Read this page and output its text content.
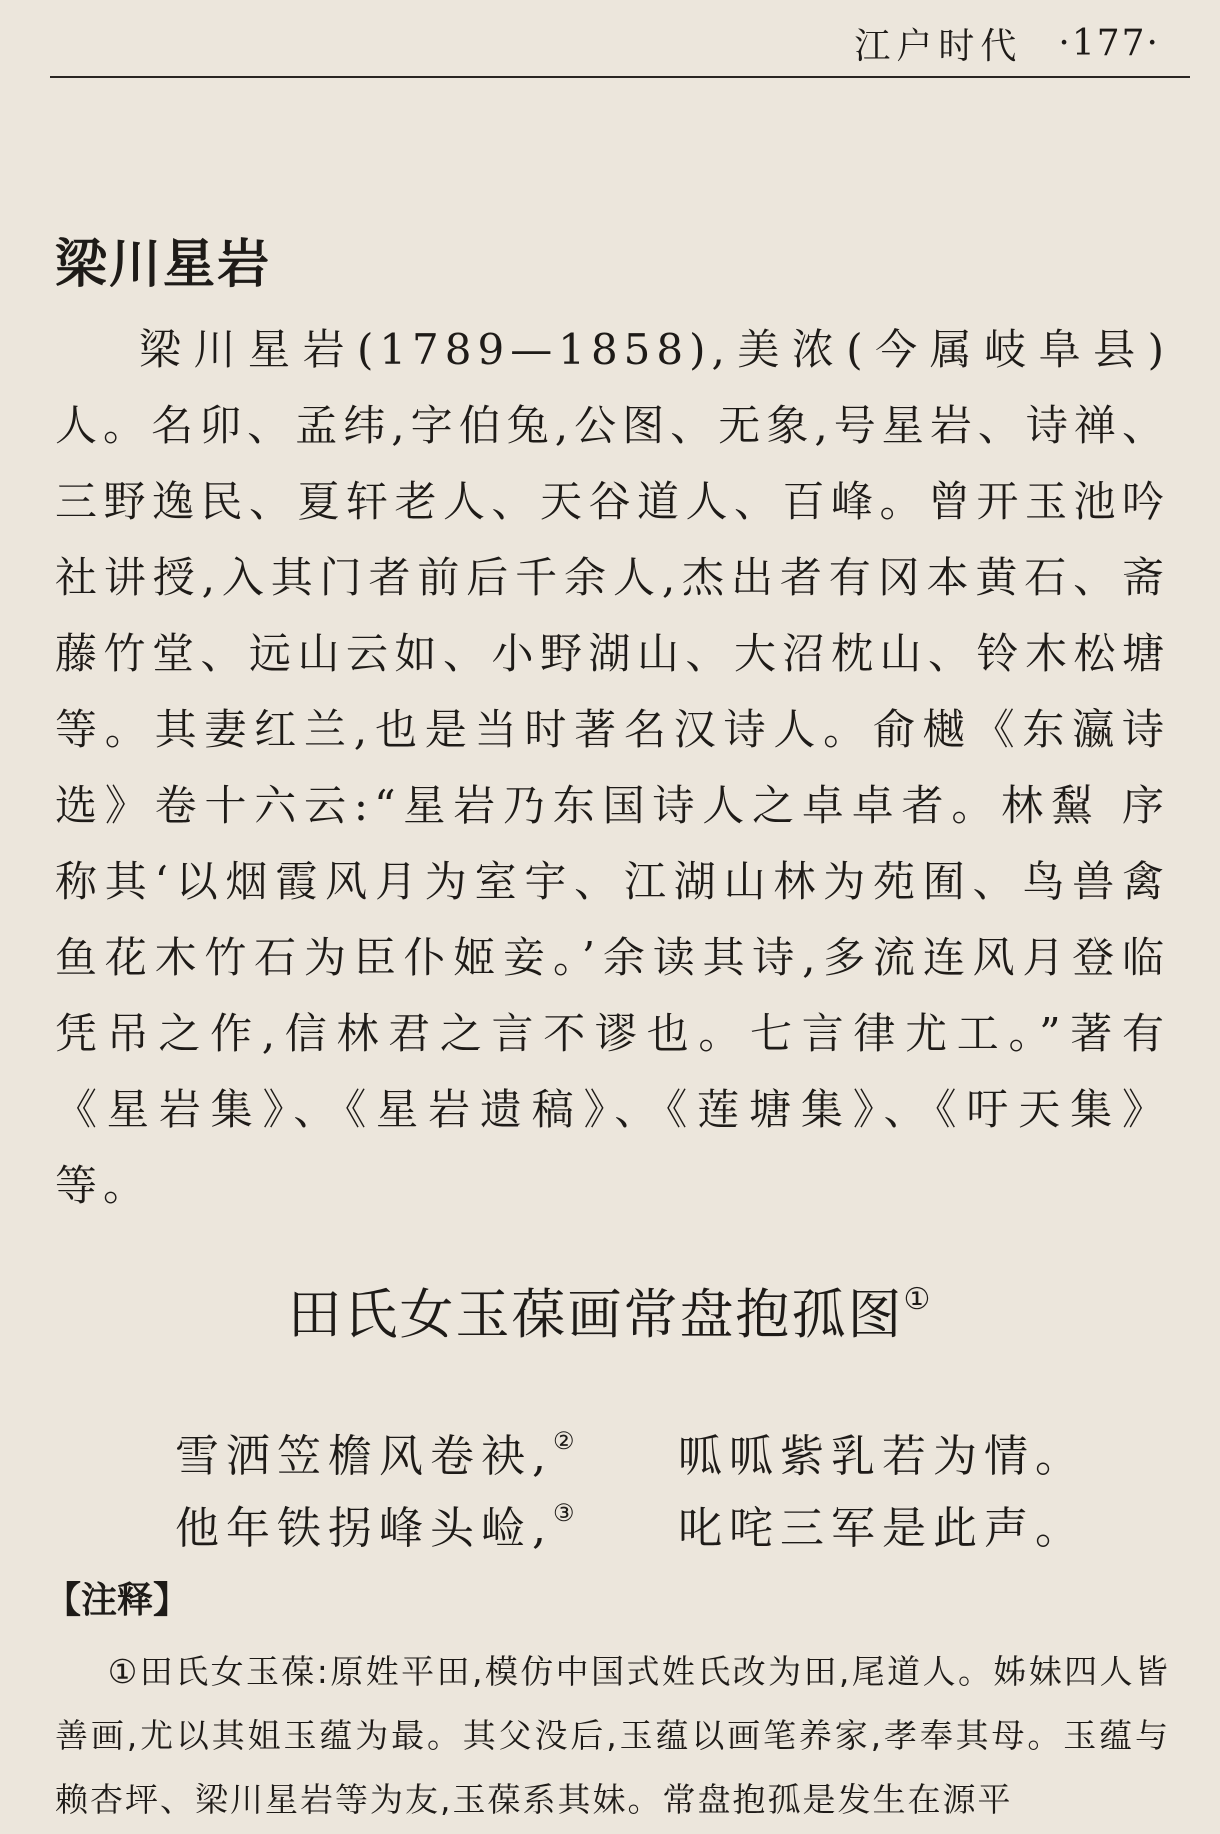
江户时代 ·177·
梁川星岩

梁川星岩(1789—1858),美浓(今属岐阜县)人。名卯、孟纬,字伯兔,公图、无象,号星岩、诗禅、三野逸民、夏轩老人、天谷道人、百峰。曾开玉池吟社讲授,入其门者前后千余人,杰出者有冈本黄石、斋藤竹堂、远山云如、小野湖山、大沼枕山、铃木松塘等。其妻红兰,也是当时著名汉诗人。俞樾《东瀛诗选》卷十六云:“星岩乃东国诗人之卓卓者。林䵩 序称其‘以烟霞风月为室宇、江湖山林为苑囿、鸟兽禽鱼花木竹石为臣仆姬妾。’余读其诗,多流连风月登临凭吊之作,信林君之言不谬也。七言律尤工。”著有《星岩集》、《星岩遗稿》、《莲塘集》、《吁天集》等。

田氏女玉葆画常盘抱孤图①
雪洒笠檐风卷袂,② 呱呱紫乳若为情。
他年铁拐峰头崄,③ 叱咤三军是此声。
【注释】

①田氏女玉葆:原姓平田,模仿中国式姓氏改为田,尾道人。姊妹四人皆善画,尤以其姐玉蕴为最。其父没后,玉蕴以画笔养家,孝奉其母。玉蕴与赖杏坪、梁川星岩等为友,玉葆系其妹。常盘抱孤是发生在源平
